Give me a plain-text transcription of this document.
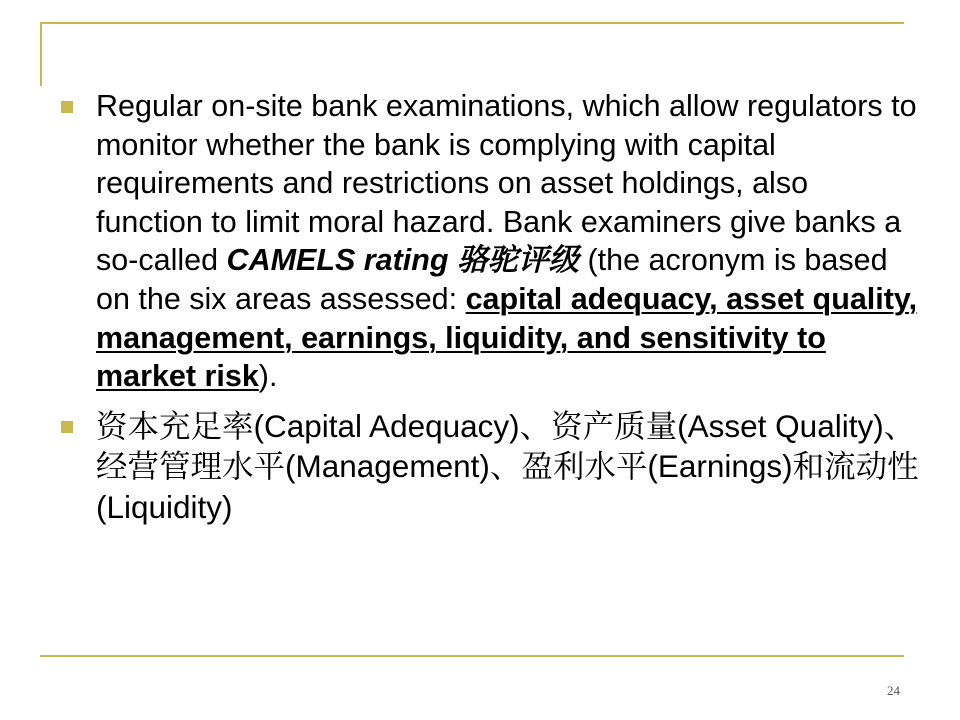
Regular on-site bank examinations, which allow regulators to monitor whether the bank is complying with capital requirements and restrictions on asset holdings, also function to limit moral hazard. Bank examiners give banks a so-called CAMELS rating 骆驼评级 (the acronym is based on the six areas assessed: capital adequacy, asset quality, management, earnings, liquidity, and sensitivity to market risk).
资本充足率(Capital Adequacy)、资产质量(Asset Quality)、经营管理水平(Management)、盈利水平(Earnings)和流动性(Liquidity)
24
